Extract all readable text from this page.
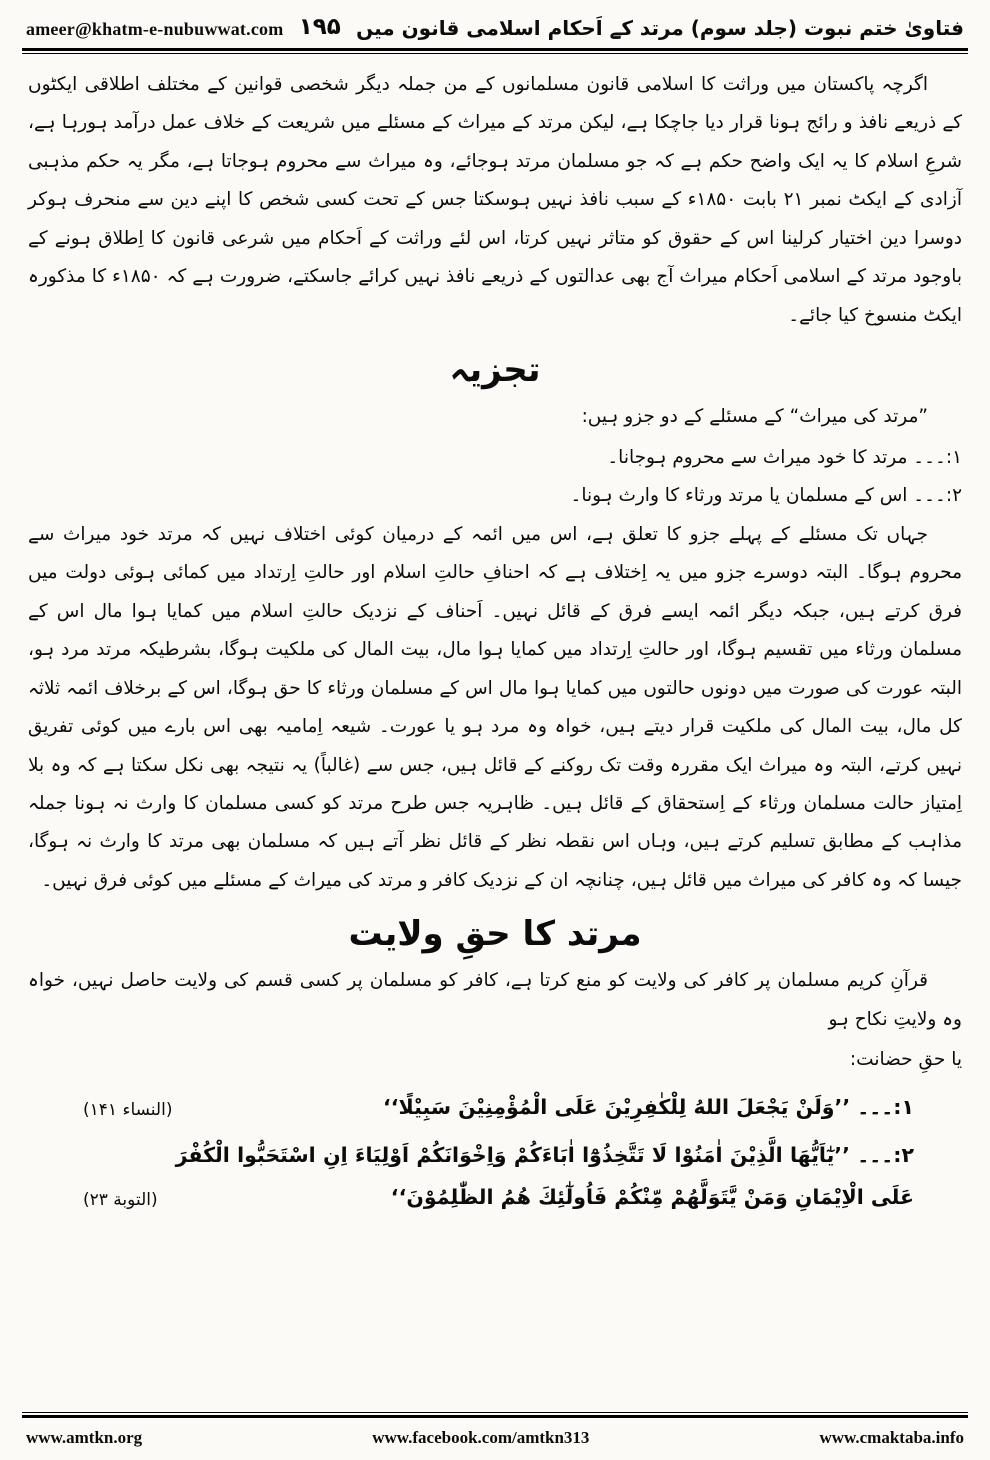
ameer@khatm-e-nubuwwat.com ۱۹۵ فتاویٰ ختم نبوت (جلد سوم) مرتد کے اَحکام اسلامی قانون میں

اگرچہ پاکستان میں وراثت کا اسلامی قانون مسلمانوں کے من جملہ دیگر شخصی قوانین کے مختلف اطلاقی ایکٹوں کے ذریعے نافذ و رائج ہونا قرار دیا جاچکا ہے، لیکن مرتد کے میراث کے مسئلے میں شریعت کے خلاف عمل درآمد ہورہا ہے، شرعِ اسلام کا یہ ایک واضح حکم ہے کہ جو مسلمان مرتد ہوجائے، وہ میراث سے محروم ہوجاتا ہے، مگر یہ حکم مذہبی آزادی کے ایکٹ نمبر ۲۱ بابت ۱۸۵۰ء کے سبب نافذ نہیں ہوسکتا جس کے تحت کسی شخص کا اپنے دین سے منحرف ہوکر دوسرا دین اختیار کرلینا اس کے حقوق کو متاثر نہیں کرتا، اس لئے وراثت کے اَحکام میں شرعی قانون کا اِطلاق ہونے کے باوجود مرتد کے اسلامی اَحکام میراث آج بھی عدالتوں کے ذریعے نافذ نہیں کرائے جاسکتے، ضرورت ہے کہ ۱۸۵۰ء کا مذکورہ ایکٹ منسوخ کیا جائے۔

تجزیہ

”مرتد کی میراث“ کے مسئلے کے دو جزو ہیں:

۱:۔۔۔ مرتد کا خود میراث سے محروم ہوجانا۔

۲:۔۔۔ اس کے مسلمان یا مرتد ورثاء کا وارث ہونا۔

جہاں تک مسئلے کے پہلے جزو کا تعلق ہے، اس میں ائمہ کے درمیان کوئی اختلاف نہیں کہ مرتد خود میراث سے محروم ہوگا۔ البتہ دوسرے جزو میں یہ اِختلاف ہے کہ احنافِ حالتِ اسلام اور حالتِ اِرتداد میں کمائی ہوئی دولت میں فرق کرتے ہیں، جبکہ دیگر ائمہ ایسے فرق کے قائل نہیں۔ اَحناف کے نزدیک حالتِ اسلام میں کمایا ہوا مال اس کے مسلمان ورثاء میں تقسیم ہوگا، اور حالتِ اِرتداد میں کمایا ہوا مال، بیت المال کی ملکیت ہوگا، بشرطیکہ مرتد مرد ہو، البتہ عورت کی صورت میں دونوں حالتوں میں کمایا ہوا مال اس کے مسلمان ورثاء کا حق ہوگا، اس کے برخلاف ائمہ ثلاثہ کل مال، بیت المال کی ملکیت قرار دیتے ہیں، خواہ وہ مرد ہو یا عورت۔ شیعہ اِمامیہ بھی اس بارے میں کوئی تفریق نہیں کرتے، البتہ وہ میراث ایک مقررہ وقت تک روکنے کے قائل ہیں، جس سے (غالباً) یہ نتیجہ بھی نکل سکتا ہے کہ وہ بلا اِمتیاز حالت مسلمان ورثاء کے اِستحقاق کے قائل ہیں۔ ظاہریہ جس طرح مرتد کو کسی مسلمان کا وارث نہ ہونا جملہ مذاہب کے مطابق تسلیم کرتے ہیں، وہاں اس نقطہ نظر کے قائل نظر آتے ہیں کہ مسلمان بھی مرتد کا وارث نہ ہوگا، جیسا کہ وہ کافر کی میراث میں قائل ہیں، چنانچہ ان کے نزدیک کافر و مرتد کی میراث کے مسئلے میں کوئی فرق نہیں۔

مرتد کا حقِ ولایت

قرآنِ کریم مسلمان پر کافر کی ولایت کو منع کرتا ہے، کافر کو مسلمان پر کسی قسم کی ولایت حاصل نہیں، خواہ وہ ولایتِ نکاح ہو

یا حقِ حضانت:

(النساء ۱۴۱)	۱:۔۔۔ ’’وَلَنْ يَجْعَلَ اللهُ لِلْكٰفِرِيْنَ عَلَى الْمُؤْمِنِيْنَ سَبِيْلًا‘‘
(التوبة ۲۳)
۲:۔۔۔ ’’يٰٓاَيُّهَا الَّذِيْنَ اٰمَنُوْا لَا تَتَّخِذُوْٓا اٰبَاءَكُمْ وَاِخْوَانَكُمْ اَوْلِيَاءَ اِنِ اسْتَحَبُّوا الْكُفْرَ عَلَى الْاِيْمَانِ وَمَنْ يَّتَوَلَّهُمْ مِّنْكُمْ فَاُولٰٓئِكَ هُمُ الظّٰلِمُوْنَ‘‘
www.amtkn.org	www.facebook.com/amtkn313	www.cmaktaba.info
